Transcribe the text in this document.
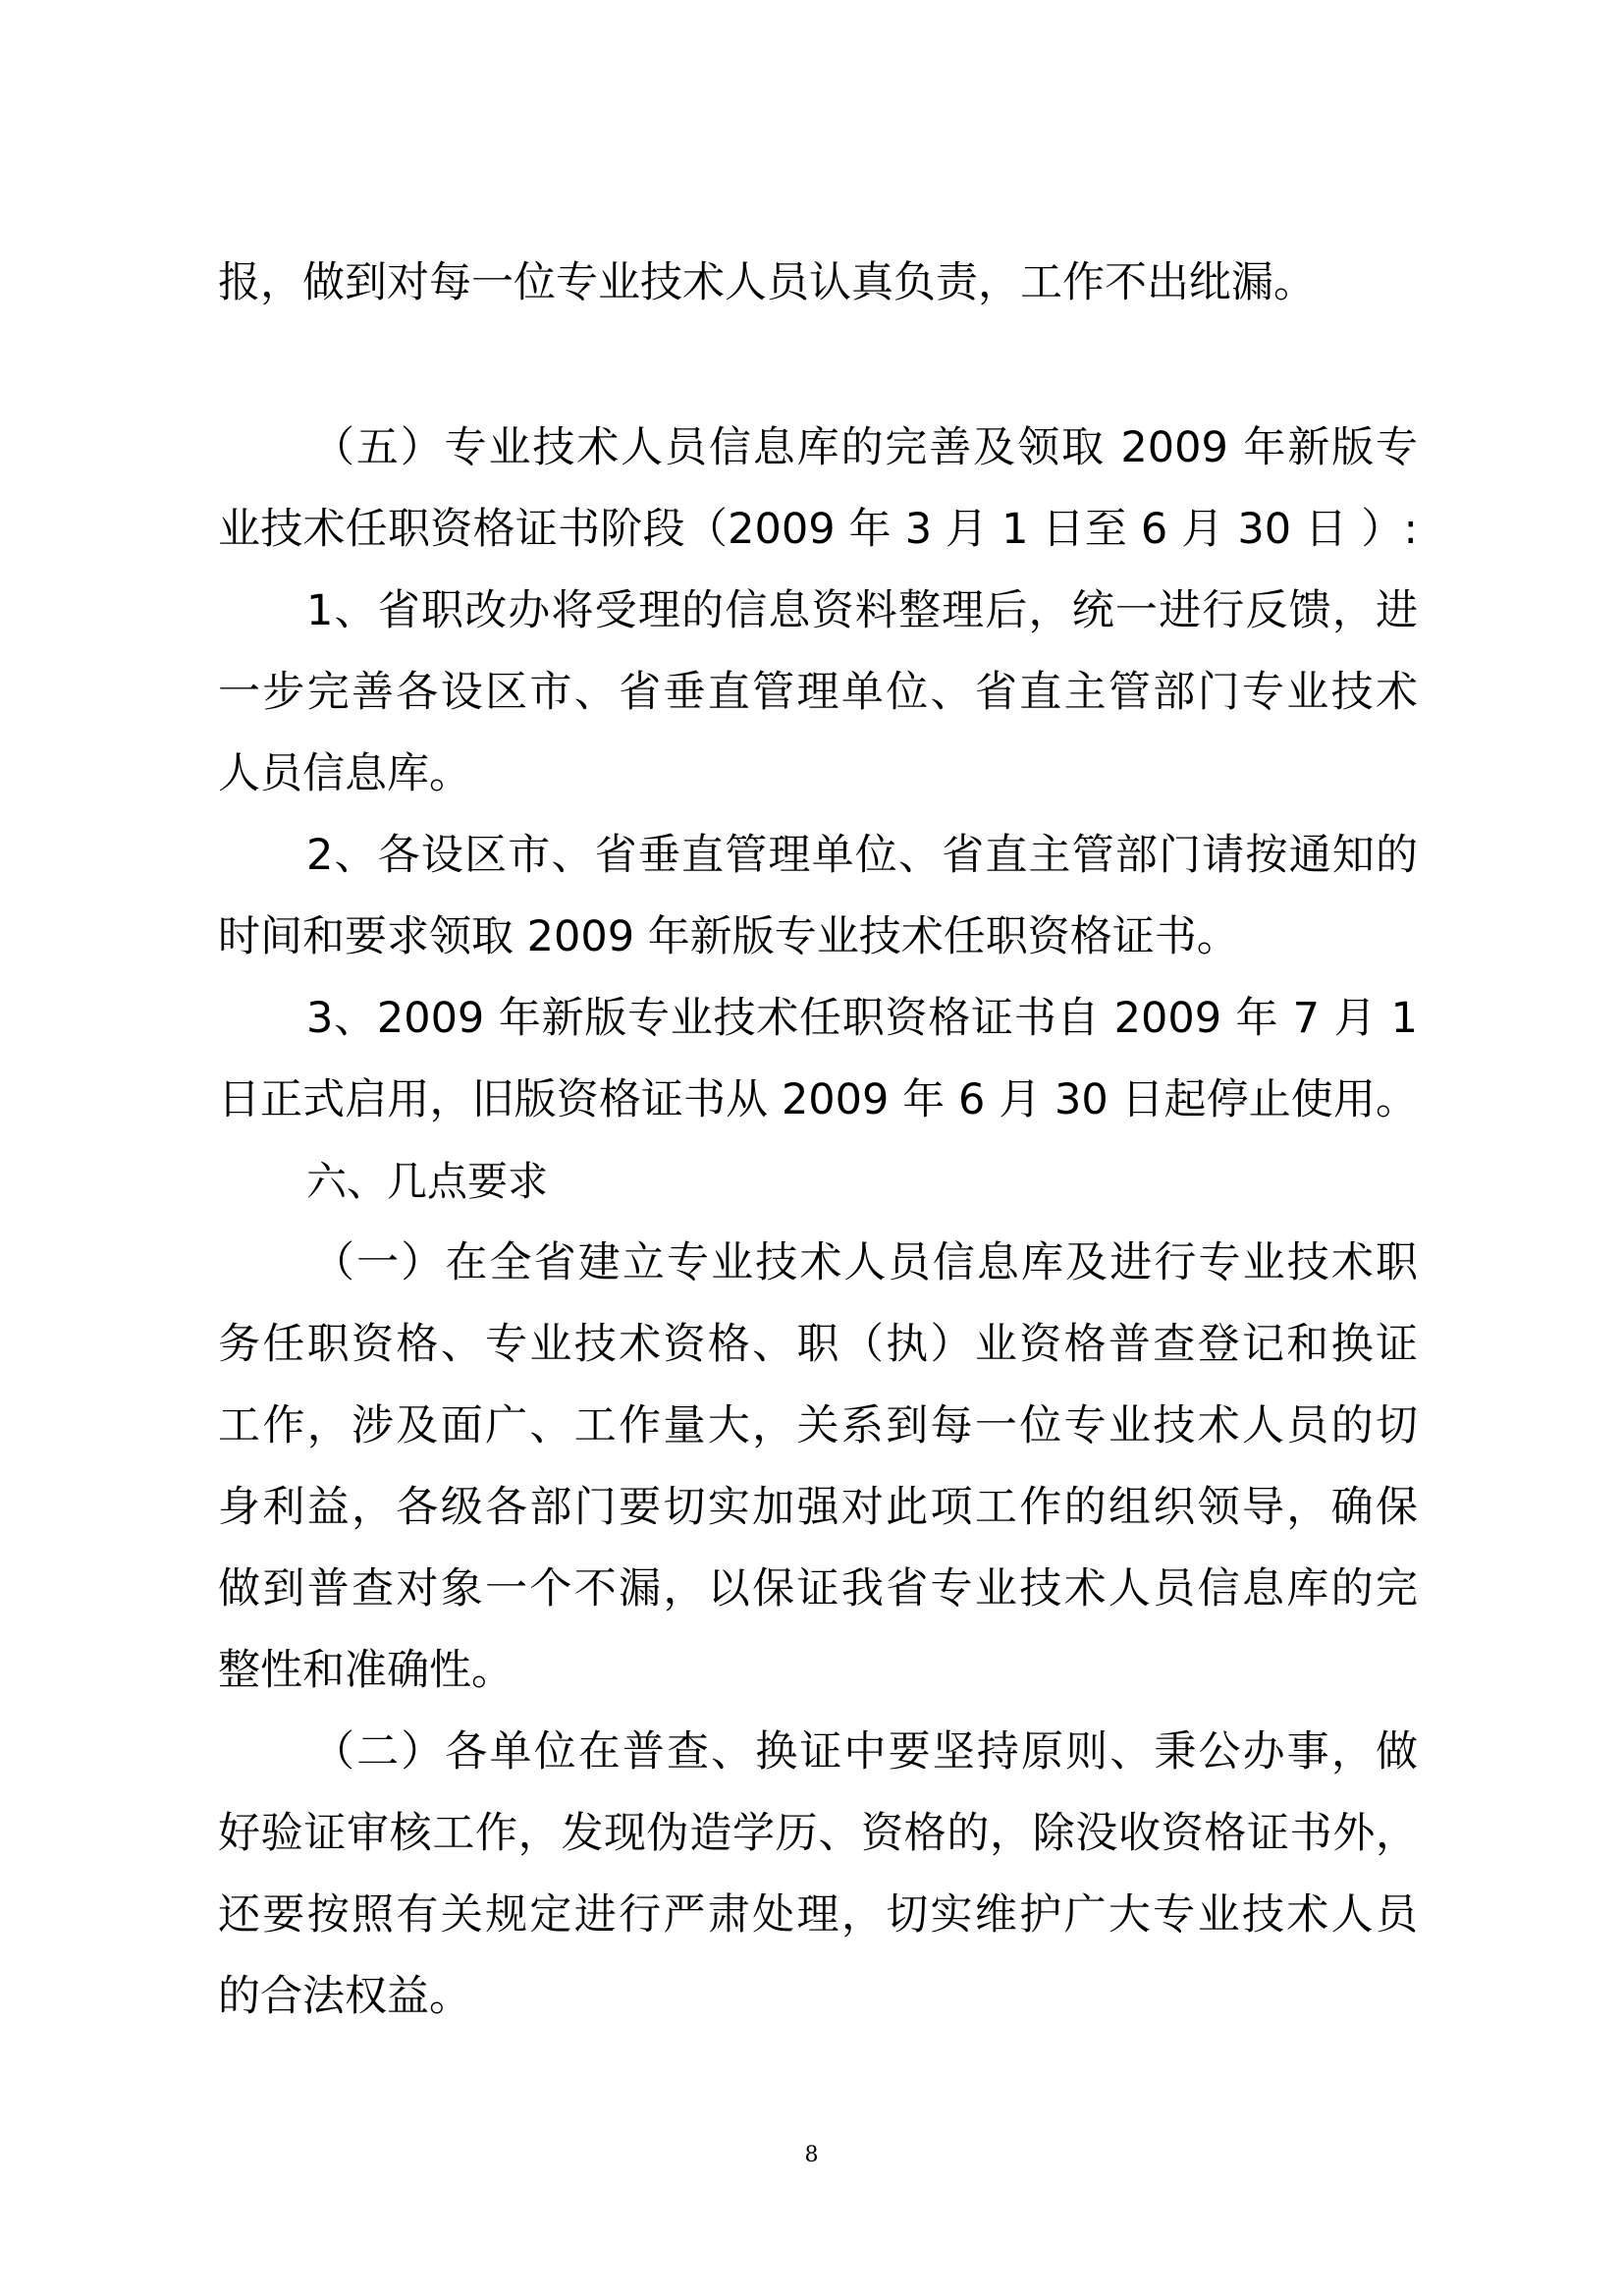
报，做到对每一位专业技术人员认真负责，工作不出纰漏。
（五）专业技术人员信息库的完善及领取 2009 年新版专
业技术任职资格证书阶段（2009 年 3 月 1 日至 6 月 30 日 ）:
1、省职改办将受理的信息资料整理后，统一进行反馈，进
一步完善各设区市、省垂直管理单位、省直主管部门专业技术
人员信息库。
2、各设区市、省垂直管理单位、省直主管部门请按通知的
时间和要求领取 2009 年新版专业技术任职资格证书。
3、2009 年新版专业技术任职资格证书自 2009 年 7 月 1
日正式启用，旧版资格证书从 2009 年 6 月 30 日起停止使用。
六、几点要求
（一）在全省建立专业技术人员信息库及进行专业技术职
务任职资格、专业技术资格、职（执）业资格普查登记和换证
工作，涉及面广、工作量大，关系到每一位专业技术人员的切
身利益，各级各部门要切实加强对此项工作的组织领导，确保
做到普查对象一个不漏，以保证我省专业技术人员信息库的完
整性和准确性。
（二）各单位在普查、换证中要坚持原则、秉公办事，做
好验证审核工作，发现伪造学历、资格的，除没收资格证书外，
还要按照有关规定进行严肃处理，切实维护广大专业技术人员
的合法权益。
8
